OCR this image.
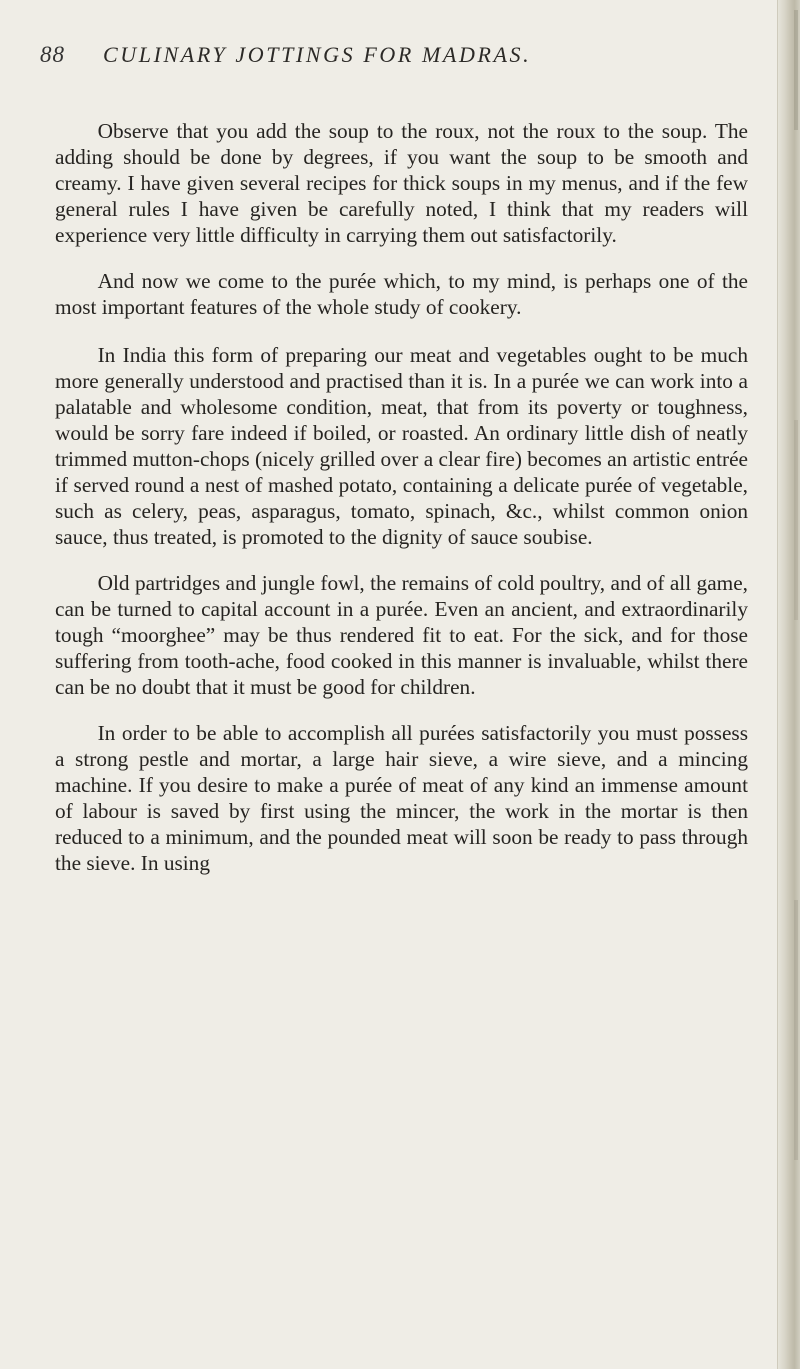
88 CULINARY JOTTINGS FOR MADRAS.

Observe that you add the soup to the roux, not the roux to the soup. The adding should be done by degrees, if you want the soup to be smooth and creamy. I have given several recipes for thick soups in my menus, and if the few general rules I have given be carefully noted, I think that my readers will experience very little difficulty in carrying them out satisfactorily.

And now we come to the purée which, to my mind, is perhaps one of the most important features of the whole study of cookery.

In India this form of preparing our meat and vegetables ought to be much more generally understood and practised than it is. In a purée we can work into a palatable and wholesome condition, meat, that from its poverty or toughness, would be sorry fare indeed if boiled, or roasted. An ordinary little dish of neatly trimmed mutton-chops (nicely grilled over a clear fire) becomes an artistic entrée if served round a nest of mashed potato, containing a delicate purée of vegetable, such as celery, peas, asparagus, tomato, spinach, &c., whilst common onion sauce, thus treated, is promoted to the dignity of sauce soubise.

Old partridges and jungle fowl, the remains of cold poultry, and of all game, can be turned to capital account in a purée. Even an ancient, and extraordinarily tough “moorghee” may be thus rendered fit to eat. For the sick, and for those suffering from tooth-ache, food cooked in this manner is invaluable, whilst there can be no doubt that it must be good for children.

In order to be able to accomplish all purées satisfactorily you must possess a strong pestle and mortar, a large hair sieve, a wire sieve, and a mincing machine. If you desire to make a purée of meat of any kind an immense amount of labour is saved by first using the mincer, the work in the mortar is then reduced to a minimum, and the pounded meat will soon be ready to pass through the sieve. In using
